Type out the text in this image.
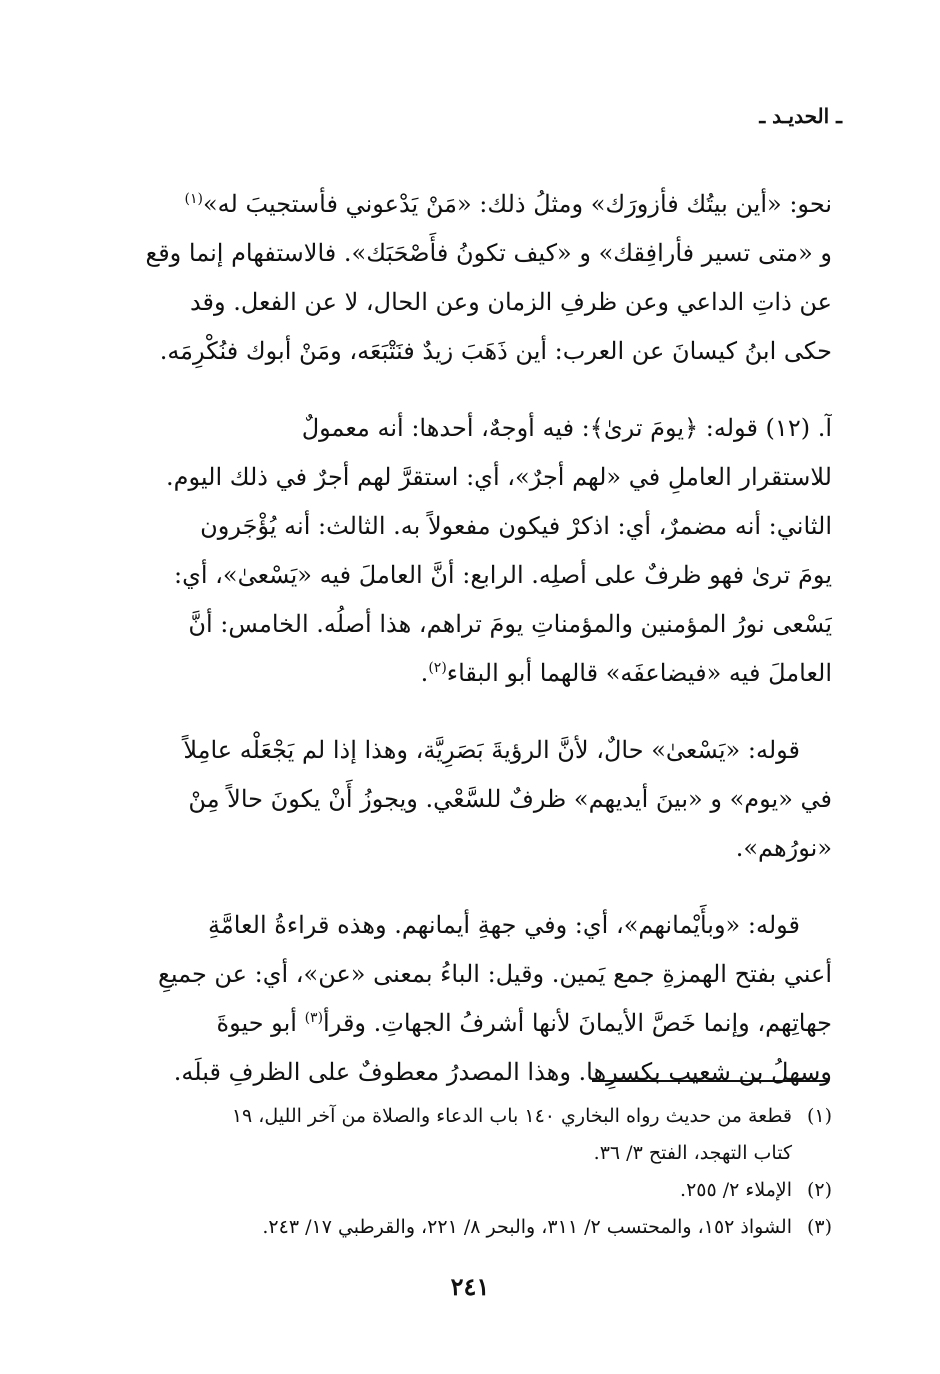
ـ الحديـد ـ

نحو: «أين بيتُك فأزورَك» ومثلُ ذلك: «مَنْ يَدْعوني فأستجيبَ له»$^{(١)}$
و «متى تسير فأرافِقك» و «كيف تكونُ فأَصْحَبَك». فالاستفهام إنما وقع
عن ذاتِ الداعي وعن ظرفِ الزمان وعن الحال، لا عن الفعل. وقد
حكى ابنُ كيسانَ عن العرب: أين ذَهَبَ زيدٌ فنَتْبَعَه، ومَنْ أبوك فنُكْرِمَه.

آ. (١٢) قوله: ﴿يومَ ترىٰ﴾: فيه أوجهٌ، أحدها: أنه معمولٌ
للاستقرار العاملِ في «لهم أجرٌ»، أي: استقرَّ لهم أجرٌ في ذلك اليوم.
الثاني: أنه مضمرٌ، أي: اذكرْ فيكون مفعولاً به. الثالث: أنه يُؤْجَرون
يومَ ترىٰ فهو ظرفٌ على أصلِه. الرابع: أنَّ العاملَ فيه «يَسْعىٰ»، أي:
يَسْعى نورُ المؤمنين والمؤمناتِ يومَ تراهم، هذا أصلُه. الخامس: أنَّ
العاملَ فيه «فيضاعفَه» قالهما أبو البقاء$^{(٢)}$.

قوله: «يَسْعىٰ» حالٌ، لأنَّ الرؤيةَ بَصَرِيَّة، وهذا إذا لم يَجْعَلْه عامِلاً
في «يوم» و «بينَ أيديهم» ظرفٌ للسَّعْي. ويجوزُ أَنْ يكونَ حالاً مِنْ
«نورُهم».

قوله: «وبأَيْمانهم»، أي: وفي جهةِ أيمانهم. وهذه قراءةُ العامَّةِ
أعني بفتح الهمزةِ جمع يَمين. وقيل: الباءُ بمعنى «عن»، أي: عن جميعِ
جهاتِهم، وإنما خَصَّ الأيمانَ لأنها أشرفُ الجهاتِ. وقرأ$^{(٣)}$ أبو حيوةَ
وسهلُ بن شعيب بكسرِها. وهذا المصدرُ معطوفٌ على الظرفِ قبلَه.

(١)
قطعة من حديث رواه البخاري ١٤٠ باب الدعاء والصلاة من آخر الليل، ١٩
كتاب التهجد، الفتح ٣/ ٣٦.
(٢)
الإملاء ٢/ ٢٥٥.
(٣)
الشواذ ١٥٢، والمحتسب ٢/ ٣١١، والبحر ٨/ ٢٢١، والقرطبي ١٧/ ٢٤٣.
٢٤١
